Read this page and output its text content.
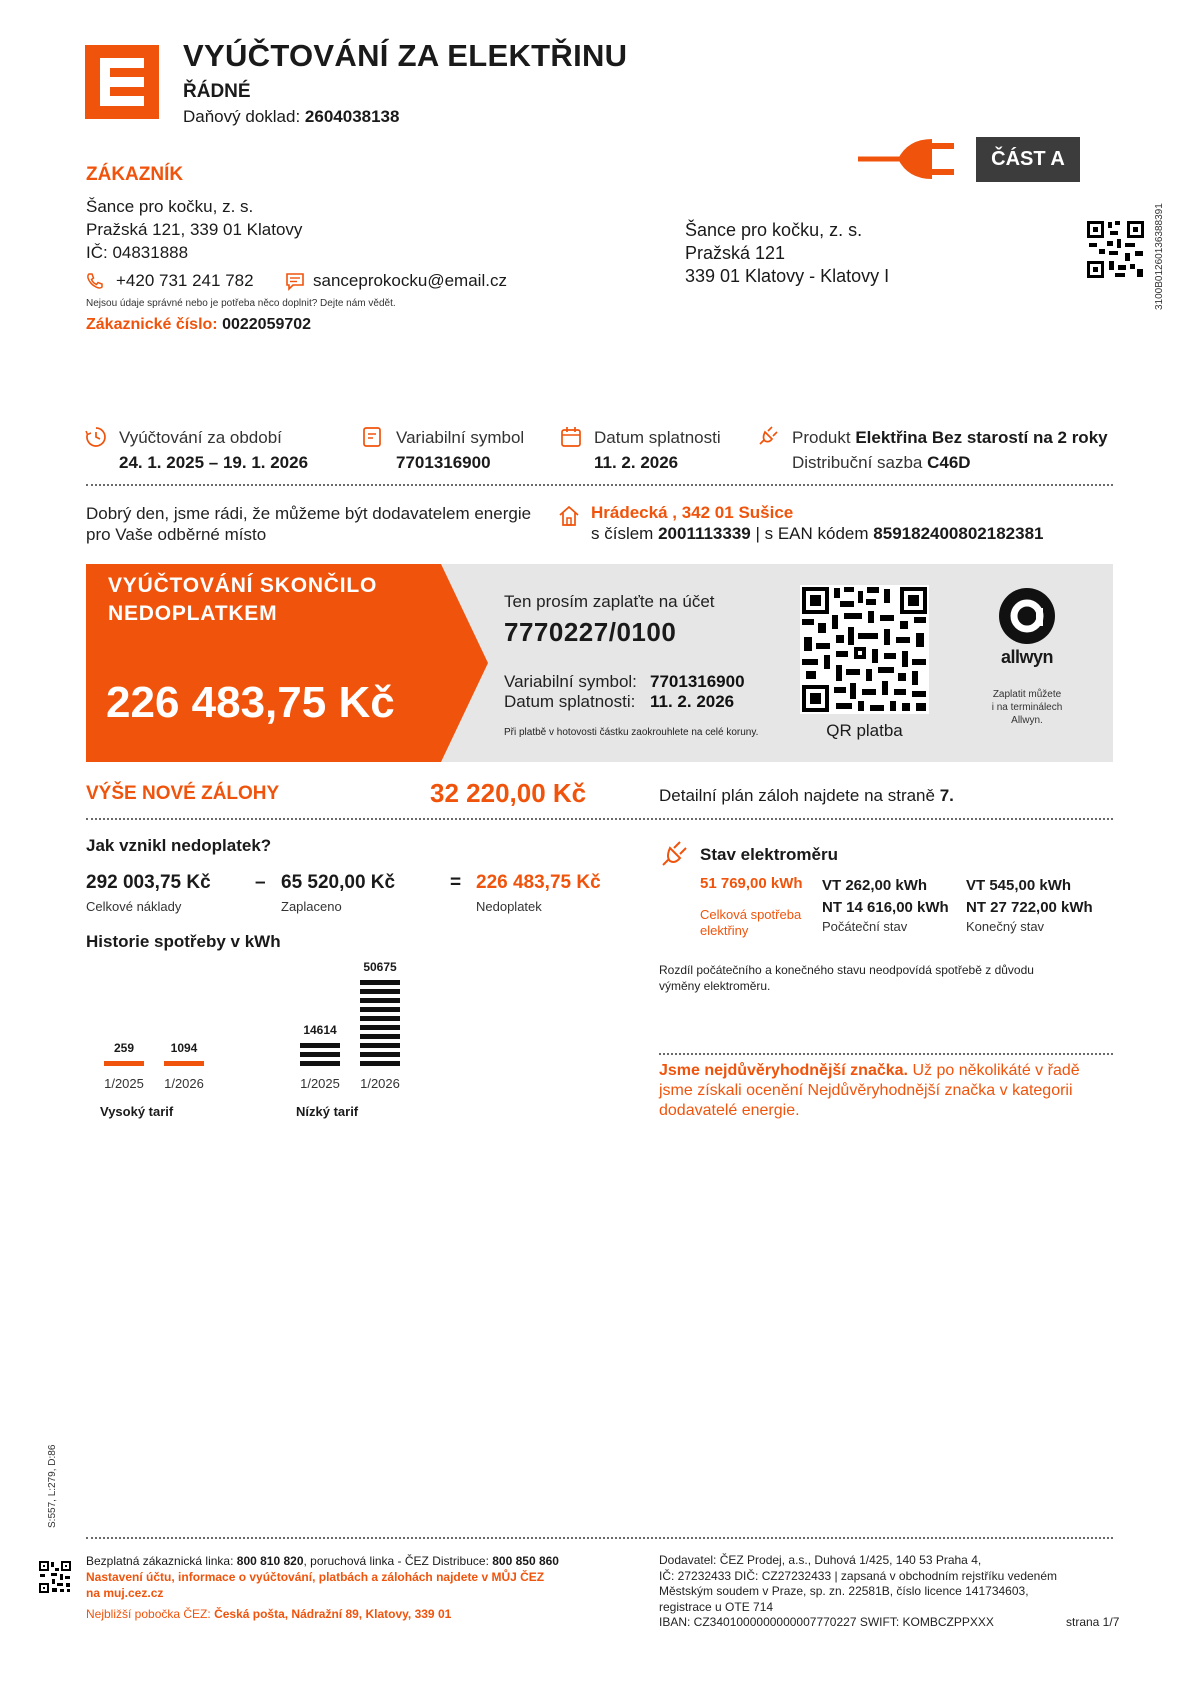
VYÚČTOVÁNÍ ZA ELEKTŘINU
ŘÁDNÉ
Daňový doklad: 2604038138
ČÁST A
ZÁKAZNÍK
Šance pro kočku, z. s.
Pražská 121, 339 01 Klatovy
IČ: 04831888
+420 731 241 782	sanceprokocku@email.cz
Nejsou údaje správné nebo je potřeba něco doplnit? Dejte nám vědět.
Zákaznické číslo: 0022059702
Šance pro kočku, z. s.
Pražská 121
339 01 Klatovy - Klatovy I	3100B01260136388391
Vyúčtování za období
24. 1. 2025 – 19. 1. 2026
Variabilní symbol
7701316900
Datum splatnosti
11. 2. 2026
Produkt Elektřina Bez starostí na 2 roky
Distribuční sazba C46D
Dobrý den, jsme rádi, že můžeme být dodavatelem energie
pro Vaše odběrné místo
Hrádecká , 342 01 Sušice
s číslem 2001113339 | s EAN kódem 859182400802182381
VYÚČTOVÁNÍ SKONČILO
NEDOPLATKEM
226 483,75 Kč
Ten prosím zaplaťte na účet
7770227/0100
Variabilní symbol: 7701316900
Datum splatnosti: 11. 2. 2026
Při platbě v hotovosti částku zaokrouhlete na celé koruny.	QR platba
allwyn
Zaplatit můžete
i na terminálech
Allwyn.
VÝŠE NOVÉ ZÁLOHY	32 220,00 Kč	Detailní plán záloh najdete na straně 7.
Jak vznikl nedoplatek?
292 003,75 Kč
Celkové náklady
– 65 520,00 Kč
Zaplaceno
= 226 483,75 Kč
Nedoplatek
Historie spotřeby v kWh
259
1/2025
1094
1/2026
Vysoký tarif
14614
1/2025
50675
1/2026
Nízký tarif
Stav elektroměru
51 769,00 kWh
Celková spotřeba
elektřiny
VT 262,00 kWh
NT 14 616,00 kWh
Počáteční stav
VT 545,00 kWh
NT 27 722,00 kWh
Konečný stav
Rozdíl počátečního a konečného stavu neodpovídá spotřebě z důvodu
výměny elektroměru.
Jsme nejdůvěryhodnější značka. Už po několikáté v řadě
jsme získali ocenění Nejdůvěryhodnější značka v kategorii
dodavatelé energie.
S:557, L:279, D:86
Bezplatná zákaznická linka: 800 810 820, poruchová linka - ČEZ Distribuce: 800 850 860
Nastavení účtu, informace o vyúčtování, platbách a zálohách najdete v MŮJ ČEZ
na muj.cez.cz
Nejbližší pobočka ČEZ: Česká pošta, Nádražní 89, Klatovy, 339 01
Dodavatel: ČEZ Prodej, a.s., Duhová 1/425, 140 53 Praha 4,
IČ: 27232433 DIČ: CZ27232433 | zapsaná v obchodním rejstříku vedeném
Městským soudem v Praze, sp. zn. 22581B, číslo licence 141734603,
registrace u OTE 714
IBAN: CZ3401000000000007770227 SWIFT: KOMBCZPPXXX	strana 1/7
